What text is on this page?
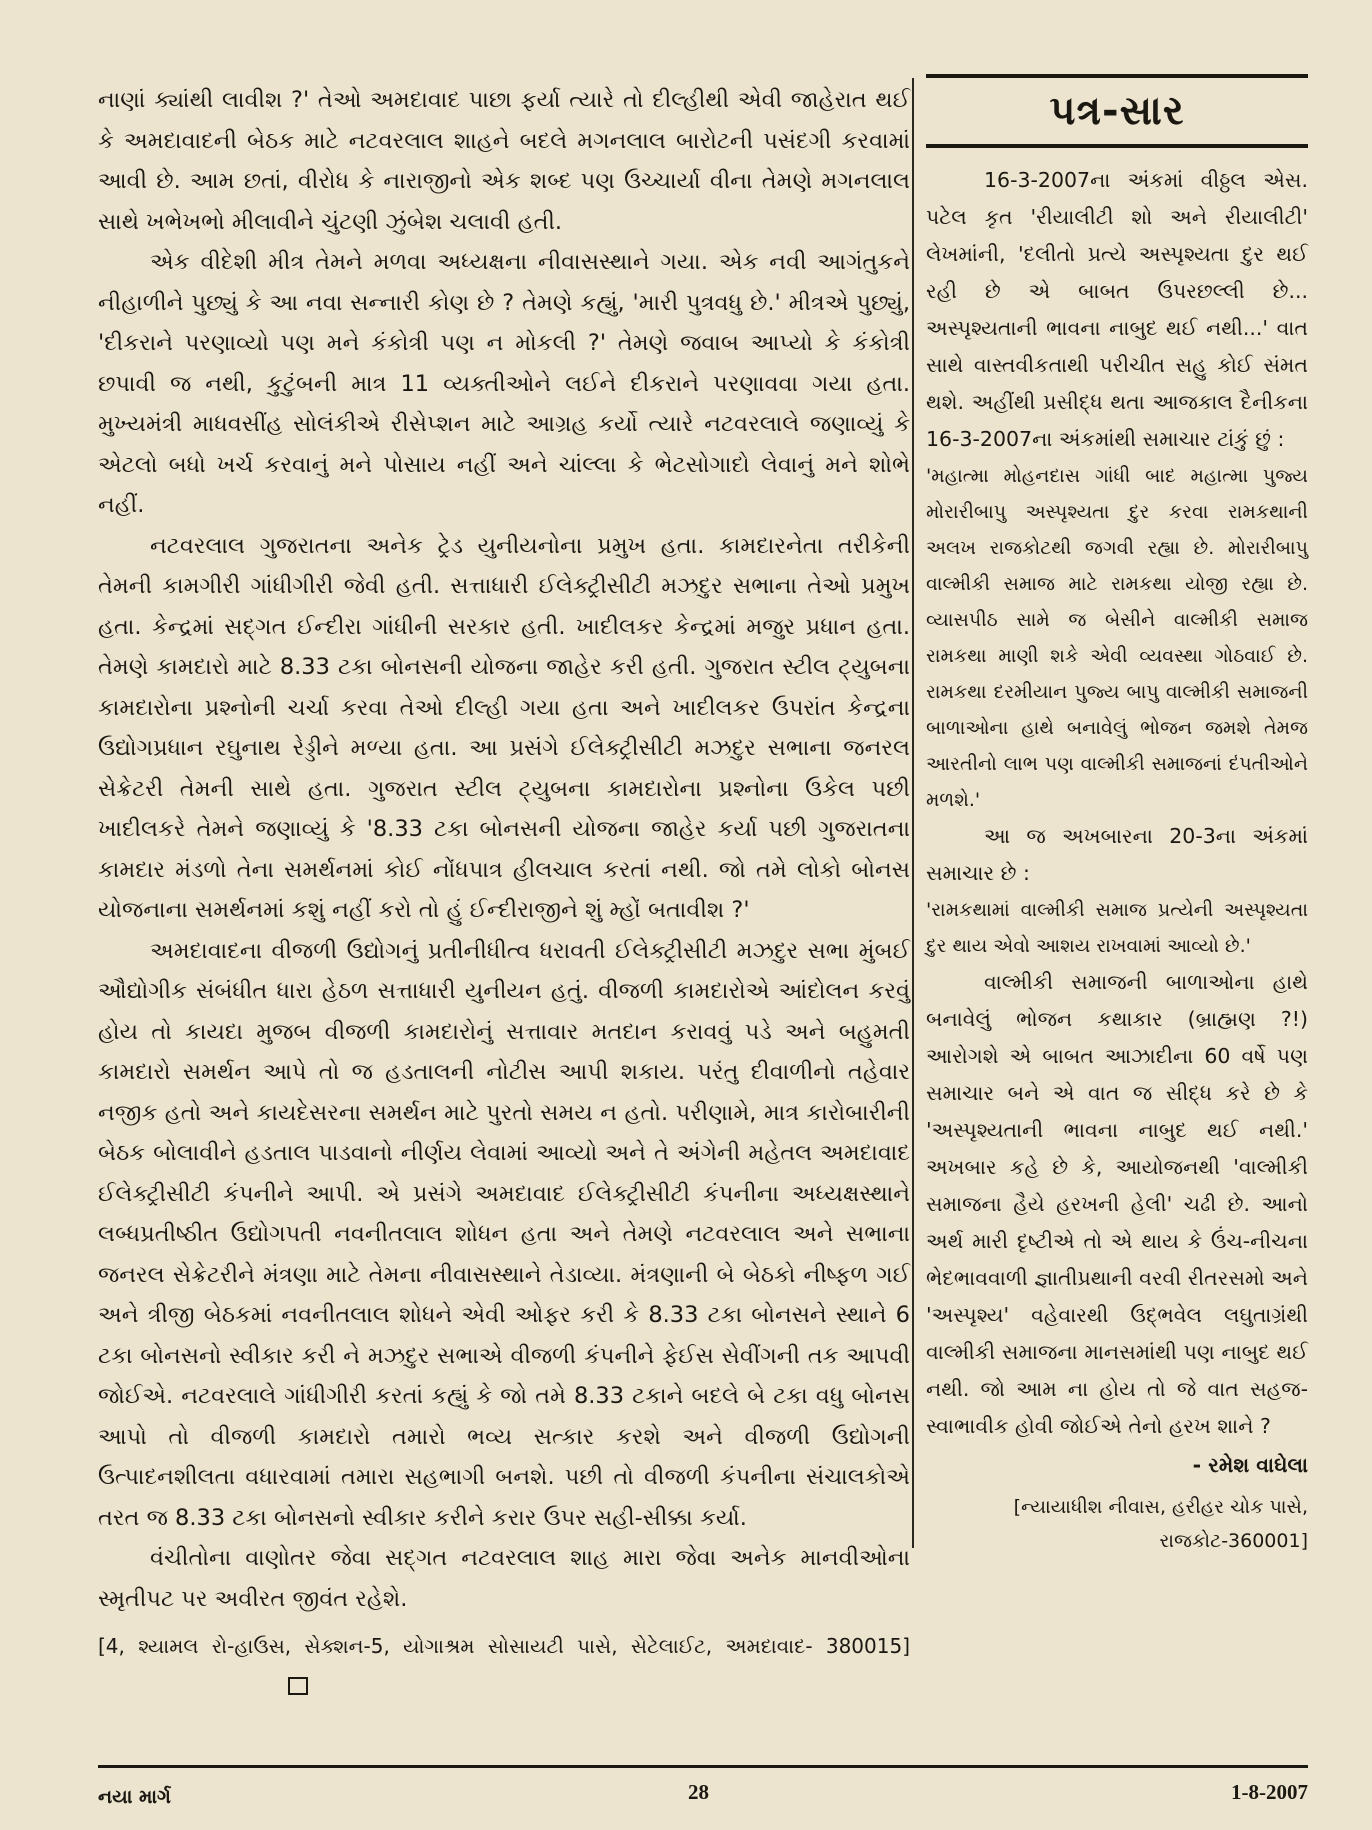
નાણાં ક્યાંથી લાવીશ ?' તેઓ અમદાવાદ પાછા ફર્યા ત્યારે તો દીલ્હીથી એવી જાહેરાત થઈ કે અમદાવાદની બેઠક માટે નટવરલાલ શાહને બદલે મગનલાલ બારોટની પસંદગી કરવામાં આવી છે. આમ છતાં, વીરોધ કે નારાજીનો એક શબ્દ પણ ઉચ્ચાર્યા વીના તેમણે મગનલાલ સાથે ખભેખભો મીલાવીને ચુંટણી ઝુંબેશ ચલાવી હતી.

એક વીદેશી મીત્ર તેમને મળવા અધ્યક્ષના નીવાસસ્થાને ગયા. એક નવી આગંતુકને નીહાળીને પુછ્યું કે આ નવા સન્નારી કોણ છે ? તેમણે કહ્યું, 'મારી પુત્રવધુ છે.' મીત્રએ પુછ્યું, 'દીકરાને પરણાવ્યો પણ મને કંકોત્રી પણ ન મોકલી ?' તેમણે જવાબ આપ્યો કે કંકોત્રી છપાવી જ નથી, કુટુંબની માત્ર 11 વ્યક્તીઓને લઈને દીકરાને પરણાવવા ગયા હતા. મુખ્યમંત્રી માધવસીંહ સોલંકીએ રીસેપ્શન માટે આગ્રહ કર્યો ત્યારે નટવરલાલે જણાવ્યું કે એટલો બધો ખર્ચ કરવાનું મને પોસાય નહીં અને ચાંલ્લા કે ભેટસોગાદો લેવાનું મને શોભે નહીં.

નટવરલાલ ગુજરાતના અનેક ટ્રેડ યુનીયનોના પ્રમુખ હતા. કામદારનેતા તરીકેની તેમની કામગીરી ગાંધીગીરી જેવી હતી. સત્તાધારી ઈલેક્ટ્રીસીટી મઝદુર સભાના તેઓ પ્રમુખ હતા. કેન્દ્રમાં સદ્‌ગત ઈન્દીરા ગાંધીની સરકાર હતી. ખાદીલકર કેન્દ્રમાં મજુર પ્રધાન હતા. તેમણે કામદારો માટે 8.33 ટકા બોનસની યોજના જાહેર કરી હતી. ગુજરાત સ્ટીલ ટ્યુબના કામદારોના પ્રશ્નોની ચર્ચા કરવા તેઓ દીલ્હી ગયા હતા અને ખાદીલકર ઉપરાંત કેન્દ્રના ઉદ્યોગપ્રધાન રઘુનાથ રેડ્ડીને મળ્યા હતા. આ પ્રસંગે ઈલેક્ટ્રીસીટી મઝદુર સભાના જનરલ સેક્રેટરી તેમની સાથે હતા. ગુજરાત સ્ટીલ ટ્યુબના કામદારોના પ્રશ્નોના ઉકેલ પછી ખાદીલકરે તેમને જણાવ્યું કે '8.33 ટકા બોનસની યોજના જાહેર કર્યા પછી ગુજરાતના કામદાર મંડળો તેના સમર્થનમાં કોઈ નોંધપાત્ર હીલચાલ કરતાં નથી. જો તમે લોકો બોનસ યોજનાના સમર્થનમાં કશું નહીં કરો તો હું ઈન્દીરાજીને શું મ્હોં બતાવીશ ?'

અમદાવાદના વીજળી ઉદ્યોગનું પ્રતીનીધીત્વ ધરાવતી ઈલેક્ટ્રીસીટી મઝદુર સભા મુંબઈ ઔદ્યોગીક સંબંધીત ધારા હેઠળ સત્તાધારી યુનીયન હતું. વીજળી કામદારોએ આંદોલન કરવું હોય તો કાયદા મુજબ વીજળી કામદારોનું સત્તાવાર મતદાન કરાવવું પડે અને બહુમતી કામદારો સમર્થન આપે તો જ હડતાલની નોટીસ આપી શકાય. પરંતુ દીવાળીનો તહેવાર નજીક હતો અને કાયદેસરના સમર્થન માટે પુરતો સમય ન હતો. પરીણામે, માત્ર કારોબારીની બેઠક બોલાવીને હડતાલ પાડવાનો નીર્ણય લેવામાં આવ્યો અને તે અંગેની મહેતલ અમદાવાદ ઈલેક્ટ્રીસીટી કંપનીને આપી. એ પ્રસંગે અમદાવાદ ઈલેક્ટ્રીસીટી કંપનીના અધ્યક્ષસ્થાને લબ્ધપ્રતીષ્ઠીત ઉદ્યોગપતી નવનીતલાલ શોધન હતા અને તેમણે નટવરલાલ અને સભાના જનરલ સેક્રેટરીને મંત્રણા માટે તેમના નીવાસસ્થાને તેડાવ્યા. મંત્રણાની બે બેઠકો નીષ્ફળ ગઈ અને ત્રીજી બેઠકમાં નવનીતલાલ શોધને એવી ઓફર કરી કે 8.33 ટકા બોનસને સ્થાને 6 ટકા બોનસનો સ્વીકાર કરી ને મઝદુર સભાએ વીજળી કંપનીને ફેઈસ સેવીંગની તક આપવી જોઈએ. નટવરલાલે ગાંધીગીરી કરતાં કહ્યું કે જો તમે 8.33 ટકાને બદલે બે ટકા વધુ બોનસ આપો તો વીજળી કામદારો તમારો ભવ્ય સત્કાર કરશે અને વીજળી ઉદ્યોગની ઉત્પાદનશીલતા વધારવામાં તમારા સહભાગી બનશે. પછી તો વીજળી કંપનીના સંચાલકોએ તરત જ 8.33 ટકા બોનસનો સ્વીકાર કરીને કરાર ઉપર સહી-સીક્કા કર્યા.

વંચીતોના વાણોતર જેવા સદ્‌ગત નટવરલાલ શાહ મારા જેવા અનેક માનવીઓના સ્મૃતીપટ પર અવીરત જીવંત રહેશે.

[4, શ્યામલ રો-હાઉસ, સેક્શન-5, યોગાશ્રમ સોસાયટી પાસે, સેટેલાઈટ, અમદાવાદ- 380015]

પત્ર-સાર

16-3-2007ના અંકમાં વીઠ્ઠલ એસ. પટેલ કૃત 'રીયાલીટી શો અને રીયાલીટી' લેખમાંની, 'દલીતો પ્રત્યે અસ્પૃશ્યતા દુર થઈ રહી છે એ બાબત ઉપરછલ્લી છે... અસ્પૃશ્યતાની ભાવના નાબુદ થઈ નથી...' વાત સાથે વાસ્તવીકતાથી પરીચીત સહુ કોઈ સંમત થશે. અહીંથી પ્રસીદ્ધ થતા આજકાલ દૈનીકના 16-3-2007ના અંકમાંથી સમાચાર ટાંકું છું :

'મહાત્મા મોહનદાસ ગાંધી બાદ મહાત્મા પુજ્ય મોરારીબાપુ અસ્પૃશ્યતા દુર કરવા રામકથાની અલખ રાજકોટથી જગવી રહ્યા છે. મોરારીબાપુ વાલ્મીકી સમાજ માટે રામકથા યોજી રહ્યા છે. વ્યાસપીઠ સામે જ બેસીને વાલ્મીકી સમાજ રામકથા માણી શકે એવી વ્યવસ્થા ગોઠવાઈ છે. રામકથા દરમીયાન પુજ્ય બાપુ વાલ્મીકી સમાજની બાળાઓના હાથે બનાવેલું ભોજન જમશે તેમજ આરતીનો લાભ પણ વાલ્મીકી સમાજનાં દંપતીઓને મળશે.'

આ જ અખબારના 20-3ના અંકમાં સમાચાર છે :

'રામકથામાં વાલ્મીકી સમાજ પ્રત્યેની અસ્પૃશ્યતા દુર થાય એવો આશય રાખવામાં આવ્યો છે.'

વાલ્મીકી સમાજની બાળાઓના હાથે બનાવેલું ભોજન કથાકાર (બ્રાહ્મણ ?!) આરોગશે એ બાબત આઝાદીના 60 વર્ષે પણ સમાચાર બને એ વાત જ સીદ્ધ કરે છે કે 'અસ્પૃશ્યતાની ભાવના નાબુદ થઈ નથી.' અખબાર કહે છે કે, આયોજનથી 'વાલ્મીકી સમાજના હૈયે હરખની હેલી' ચઢી છે. આનો અર્થ મારી દૃષ્ટીએ તો એ થાય કે ઉંચ-નીચના ભેદભાવવાળી જ્ઞાતીપ્રથાની વરવી રીતરસમો અને 'અસ્પૃશ્ય' વહેવારથી ઉદ્‌ભવેલ લઘુતાગ્રંથી વાલ્મીકી સમાજના માનસમાંથી પણ નાબુદ થઈ નથી. જો આમ ના હોય તો જે વાત સહજ- સ્વાભાવીક હોવી જોઈએ તેનો હરખ શાને ?

- રમેશ વાઘેલા

[ન્યાયાધીશ નીવાસ, હરીહર ચોક પાસે, રાજકોટ-360001]

નયા માર્ગ	28	1-8-2007
